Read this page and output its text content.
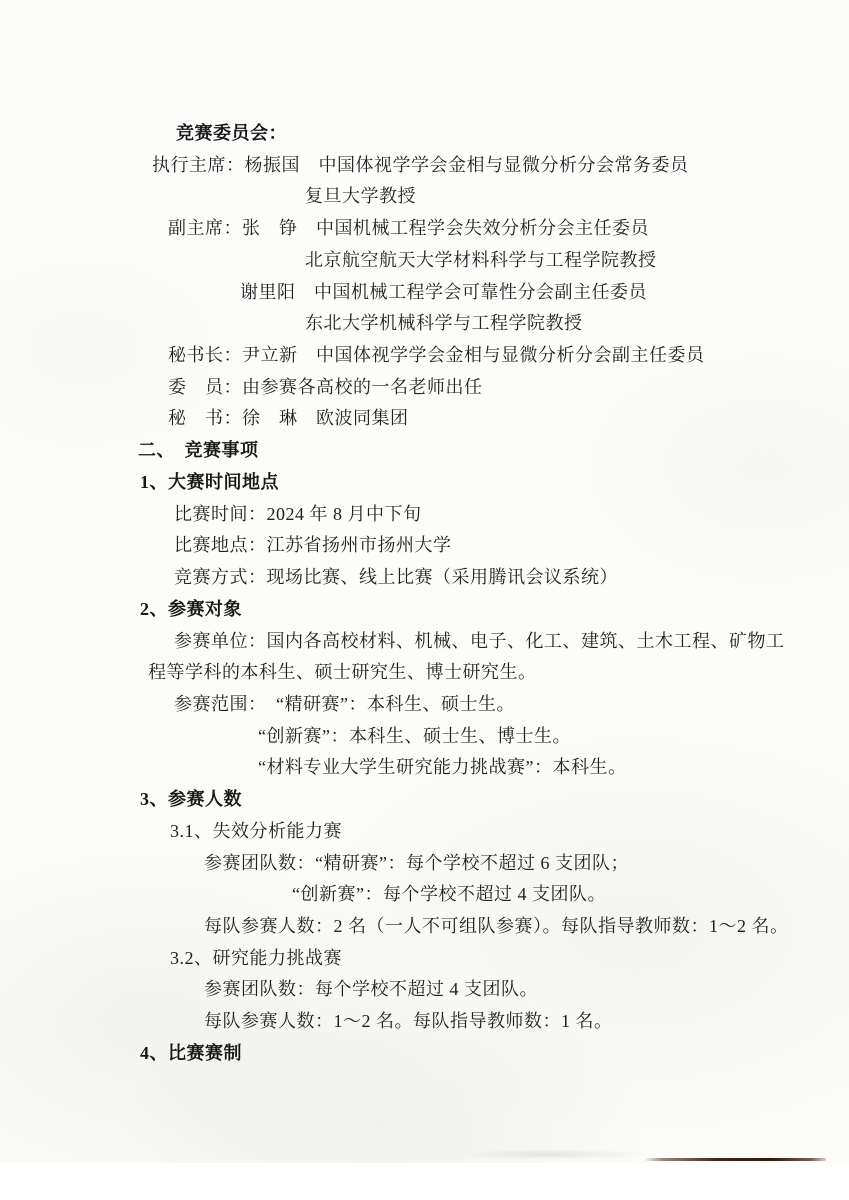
竞赛委员会：
执行主席：杨振国　中国体视学学会金相与显微分析分会常务委员
复旦大学教授
副主席：张　铮　中国机械工程学会失效分析分会主任委员
北京航空航天大学材料科学与工程学院教授
谢里阳　中国机械工程学会可靠性分会副主任委员
东北大学机械科学与工程学院教授
秘书长：尹立新　中国体视学学会金相与显微分析分会副主任委员
委　员：由参赛各高校的一名老师出任
秘　书：徐　琳　欧波同集团
二、　竞赛事项
1、大赛时间地点
比赛时间：2024 年 8 月中下旬
比赛地点：江苏省扬州市扬州大学
竞赛方式：现场比赛、线上比赛（采用腾讯会议系统）
2、参赛对象
参赛单位：国内各高校材料、机械、电子、化工、建筑、土木工程、矿物工
程等学科的本科生、硕士研究生、博士研究生。
参赛范围：　“精研赛”：本科生、硕士生。
“创新赛”：本科生、硕士生、博士生。
“材料专业大学生研究能力挑战赛”：本科生。
3、参赛人数
3.1、失效分析能力赛
参赛团队数：“精研赛”：每个学校不超过 6 支团队；
“创新赛”：每个学校不超过 4 支团队。
每队参赛人数：2 名（一人不可组队参赛）。每队指导教师数：1～2 名。
3.2、研究能力挑战赛
参赛团队数：每个学校不超过 4 支团队。
每队参赛人数：1～2 名。每队指导教师数：1 名。
4、比赛赛制
